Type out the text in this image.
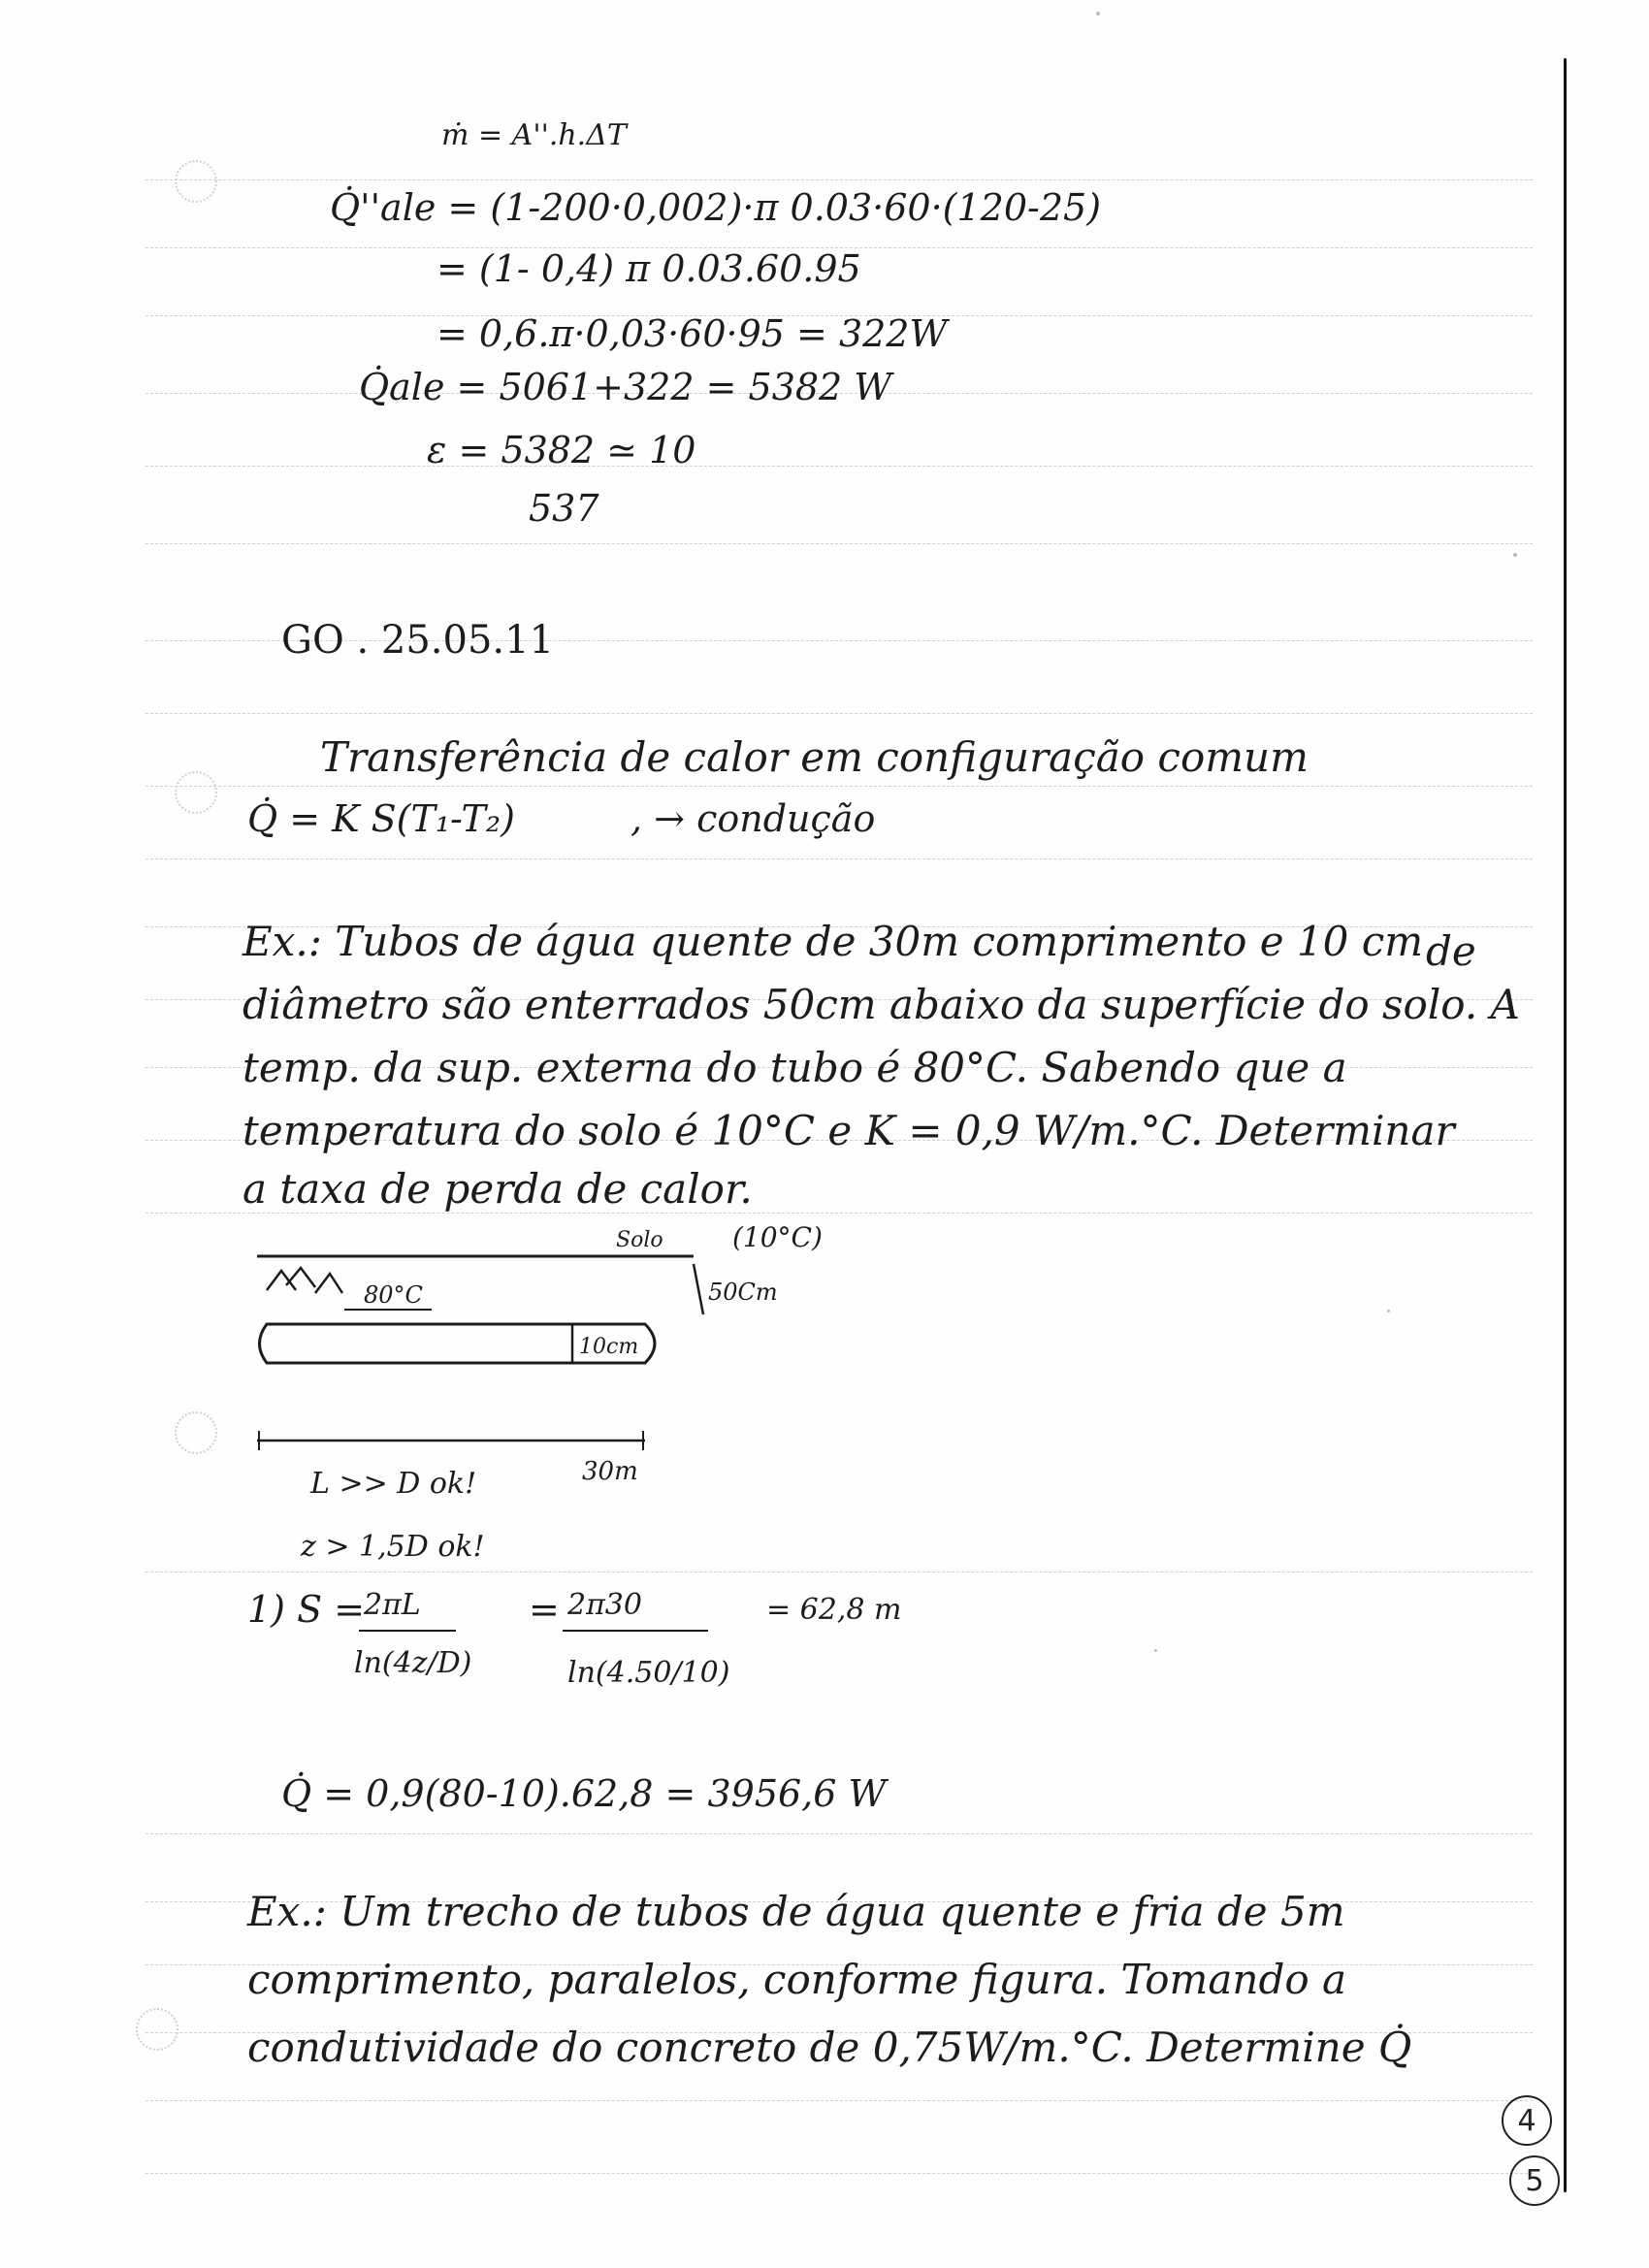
ṁ = A''.h.ΔT
Q̇''ale = (1-200·0,002)·π 0.03·60·(120-25)
= (1- 0,4) π 0.03.60.95
= 0,6.π·0,03·60·95 = 322W
Q̇ale = 5061+322 = 5382 W
ε = 5382 ≃ 10
537
GO . 25.05.11
Transferência de calor em configuração comum
Q̇ = K S(T₁-T₂)	, → condução
Ex.: Tubos de água quente de 30m comprimento e 10 cm de
diâmetro são enterrados 50cm abaixo da superfície do solo. A
temp. da sup. externa do tubo é 80°C. Sabendo que a
temperatura do solo é 10°C e K = 0,9 W/m.°C. Determinar
a taxa de perda de calor.
Solo	(10°C)
50Cm
80°C
10cm
30m
L >> D ok!
z > 1,5D ok!
1) S =
2πL
ln(4z/D)
= 2π30
ln(4.50/10)
= 62,8 m
Q̇ = 0,9(80-10).62,8 = 3956,6 W
Ex.: Um trecho de tubos de água quente e fria de 5m
comprimento, paralelos, conforme figura. Tomando a
condutividade do concreto de 0,75W/m.°C. Determine Q̇
4
5
